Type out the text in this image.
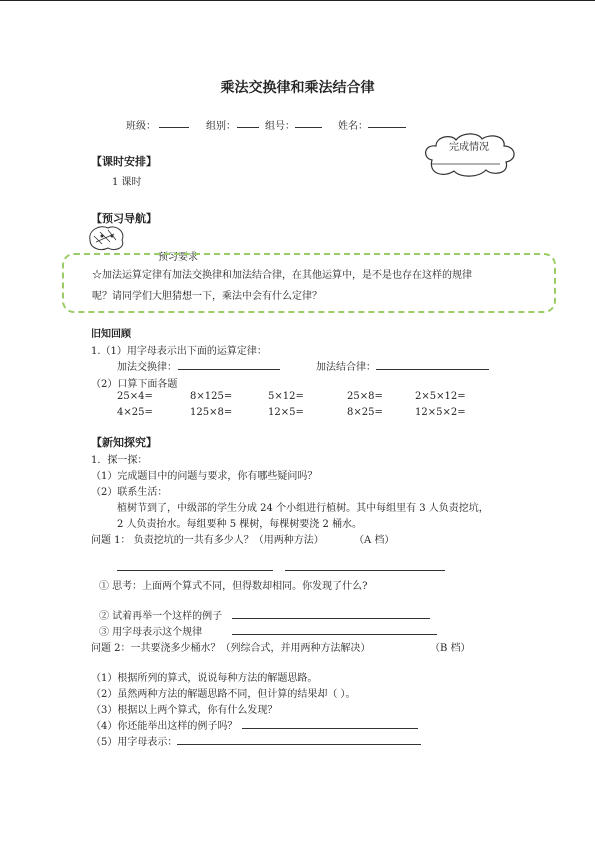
乘法交换律和乘法结合律
班级：	组别：	组号：	姓名：
完成情况
【课时安排】
1 课时
【预习导航】
预习要求
☆加法运算定律有加法交换律和加法结合律，在其他运算中，是不是也存在这样的规律
呢？请同学们大胆猜想一下，乘法中会有什么定律？
旧知回顾
1.（1）用字母表示出下面的运算定律：
加法交换律：	加法结合律：
（2）口算下面各题
25×4=	8×125=	5×12=	25×8=	2×5×12=
4×25=	125×8=	12×5=	8×25=	12×5×2=
【新知探究】
1．探一探：
（1）完成题目中的问题与要求，你有哪些疑问吗？
（2）联系生活：
植树节到了，中级部的学生分成 24 个小组进行植树。其中每组里有 3 人负责挖坑，
2 人负责抬水。每组要种 5 棵树，每棵树要浇 2 桶水。
问题 1： 负责挖坑的一共有多少人？（用两种方法）	（A 档）
① 思考：上面两个算式不同，但得数却相同。你发现了什么?
② 试着再举一个这样的例子
③ 用字母表示这个规律
问题 2：一共要浇多少桶水？（列综合式，并用两种方法解决）	（B 档）
（1）根据所列的算式，说说每种方法的解题思路。
（2）虽然两种方法的解题思路不同，但计算的结果却（ ）。
（3）根据以上两个算式，你有什么发现？
（4）你还能举出这样的例子吗？
（5）用字母表示：
